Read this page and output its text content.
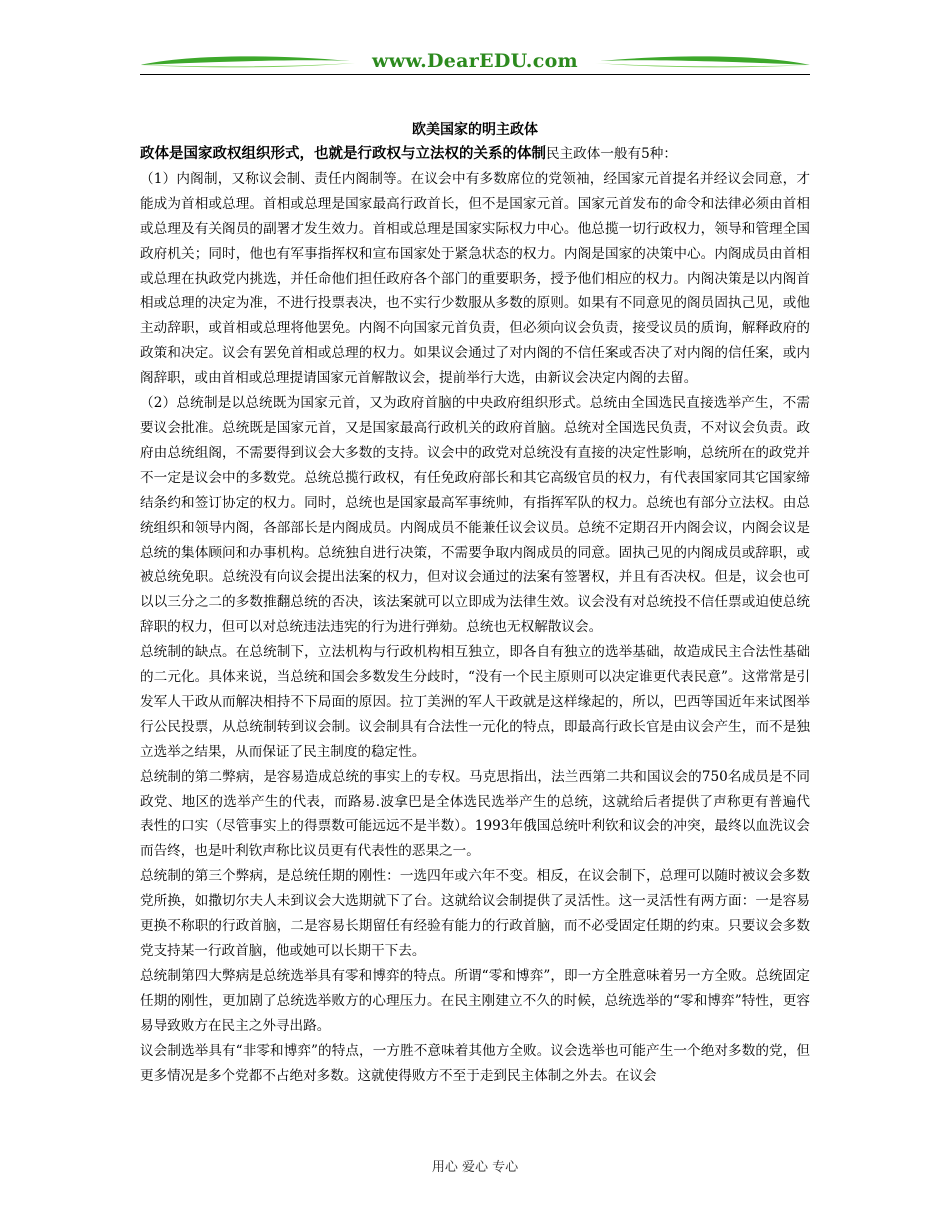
www.DearEDU.com

欧美国家的明主政体

政体是国家政权组织形式，也就是行政权与立法权的关系的体制民主政体一般有5种：

（1）内阁制，又称议会制、责任内阁制等。在议会中有多数席位的党领袖，经国家元首提名并经议会同意，才能成为首相或总理。首相或总理是国家最高行政首长，但不是国家元首。国家元首发布的命令和法律必须由首相或总理及有关阁员的副署才发生效力。首相或总理是国家实际权力中心。他总揽一切行政权力，领导和管理全国政府机关；同时，他也有军事指挥权和宣布国家处于紧急状态的权力。内阁是国家的决策中心。内阁成员由首相或总理在执政党内挑选，并任命他们担任政府各个部门的重要职务，授予他们相应的权力。内阁决策是以内阁首相或总理的决定为准，不进行投票表决，也不实行少数服从多数的原则。如果有不同意见的阁员固执己见，或他主动辞职，或首相或总理将他罢免。内阁不向国家元首负责，但必须向议会负责，接受议员的质询，解释政府的政策和决定。议会有罢免首相或总理的权力。如果议会通过了对内阁的不信任案或否决了对内阁的信任案，或内阁辞职，或由首相或总理提请国家元首解散议会，提前举行大选，由新议会决定内阁的去留。

（2）总统制是以总统既为国家元首，又为政府首脑的中央政府组织形式。总统由全国选民直接选举产生，不需要议会批准。总统既是国家元首，又是国家最高行政机关的政府首脑。总统对全国选民负责，不对议会负责。政府由总统组阁，不需要得到议会大多数的支持。议会中的政党对总统没有直接的决定性影响，总统所在的政党并不一定是议会中的多数党。总统总揽行政权，有任免政府部长和其它高级官员的权力，有代表国家同其它国家缔结条约和签订协定的权力。同时，总统也是国家最高军事统帅，有指挥军队的权力。总统也有部分立法权。由总统组织和领导内阁，各部部长是内阁成员。内阁成员不能兼任议会议员。总统不定期召开内阁会议，内阁会议是总统的集体顾问和办事机构。总统独自进行决策，不需要争取内阁成员的同意。固执己见的内阁成员或辞职，或被总统免职。总统没有向议会提出法案的权力，但对议会通过的法案有签署权，并且有否决权。但是，议会也可以以三分之二的多数推翻总统的否决，该法案就可以立即成为法律生效。议会没有对总统投不信任票或迫使总统辞职的权力，但可以对总统违法违宪的行为进行弹劾。总统也无权解散议会。

总统制的缺点。在总统制下，立法机构与行政机构相互独立，即各自有独立的选举基础，故造成民主合法性基础的二元化。具体来说，当总统和国会多数发生分歧时，“没有一个民主原则可以决定谁更代表民意”。这常常是引发军人干政从而解决相持不下局面的原因。拉丁美洲的军人干政就是这样缘起的，所以，巴西等国近年来试图举行公民投票，从总统制转到议会制。议会制具有合法性一元化的特点，即最高行政长官是由议会产生，而不是独立选举之结果，从而保证了民主制度的稳定性。

总统制的第二弊病，是容易造成总统的事实上的专权。马克思指出，法兰西第二共和国议会的750名成员是不同政党、地区的选举产生的代表，而路易.波拿巴是全体选民选举产生的总统，这就给后者提供了声称更有普遍代表性的口实（尽管事实上的得票数可能远远不是半数）。1993年俄国总统叶利钦和议会的冲突，最终以血洗议会而告终，也是叶利钦声称比议员更有代表性的恶果之一。

总统制的第三个弊病，是总统任期的刚性：一选四年或六年不变。相反，在议会制下，总理可以随时被议会多数党所换，如撒切尔夫人未到议会大选期就下了台。这就给议会制提供了灵活性。这一灵活性有两方面：一是容易更换不称职的行政首脑，二是容易长期留任有经验有能力的行政首脑，而不必受固定任期的约束。只要议会多数党支持某一行政首脑，他或她可以长期干下去。

总统制第四大弊病是总统选举具有零和博弈的特点。所谓“零和博弈”，即一方全胜意味着另一方全败。总统固定任期的刚性，更加剧了总统选举败方的心理压力。在民主刚建立不久的时候，总统选举的“零和博弈”特性，更容易导致败方在民主之外寻出路。

议会制选举具有“非零和博弈”的特点，一方胜不意味着其他方全败。议会选举也可能产生一个绝对多数的党，但更多情况是多个党都不占绝对多数。这就使得败方不至于走到民主体制之外去。在议会

用心 爱心 专心
